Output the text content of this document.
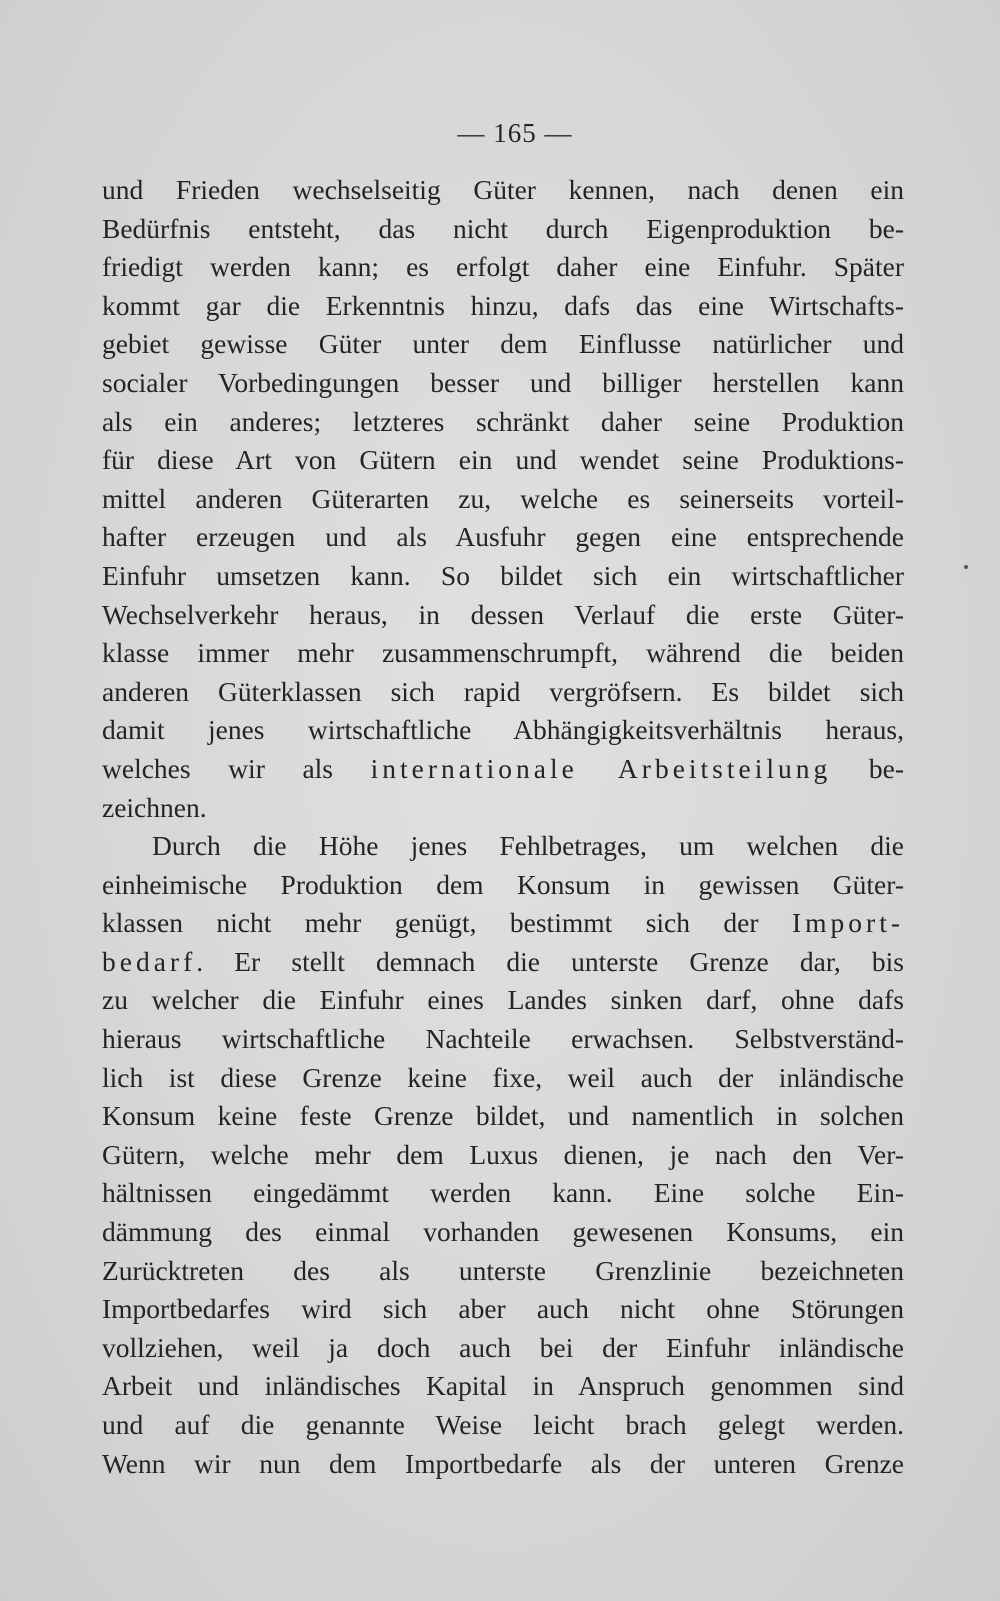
— 165 —
und Frieden wechselseitig Güter kennen, nach denen ein
Bedürfnis entsteht, das nicht durch Eigenproduktion be-
friedigt werden kann; es erfolgt daher eine Einfuhr. Später
kommt gar die Erkenntnis hinzu, dafs das eine Wirtschafts-
gebiet gewisse Güter unter dem Einflusse natürlicher und
socialer Vorbedingungen besser und billiger herstellen kann
als ein anderes; letzteres schränkt daher seine Produktion
für diese Art von Gütern ein und wendet seine Produktions-
mittel anderen Güterarten zu, welche es seinerseits vorteil-
hafter erzeugen und als Ausfuhr gegen eine entsprechende
Einfuhr umsetzen kann. So bildet sich ein wirtschaftlicher
Wechselverkehr heraus, in dessen Verlauf die erste Güter-
klasse immer mehr zusammenschrumpft, während die beiden
anderen Güterklassen sich rapid vergröfsern. Es bildet sich
damit jenes wirtschaftliche Abhängigkeitsverhältnis heraus,
welches wir als internationale Arbeitsteilung be-
zeichnen.
Durch die Höhe jenes Fehlbetrages, um welchen die
einheimische Produktion dem Konsum in gewissen Güter-
klassen nicht mehr genügt, bestimmt sich der Import-
bedarf. Er stellt demnach die unterste Grenze dar, bis
zu welcher die Einfuhr eines Landes sinken darf, ohne dafs
hieraus wirtschaftliche Nachteile erwachsen. Selbstverständ-
lich ist diese Grenze keine fixe, weil auch der inländische
Konsum keine feste Grenze bildet, und namentlich in solchen
Gütern, welche mehr dem Luxus dienen, je nach den Ver-
hältnissen eingedämmt werden kann. Eine solche Ein-
dämmung des einmal vorhanden gewesenen Konsums, ein
Zurücktreten des als unterste Grenzlinie bezeichneten
Importbedarfes wird sich aber auch nicht ohne Störungen
vollziehen, weil ja doch auch bei der Einfuhr inländische
Arbeit und inländisches Kapital in Anspruch genommen sind
und auf die genannte Weise leicht brach gelegt werden.
Wenn wir nun dem Importbedarfe als der unteren Grenze
